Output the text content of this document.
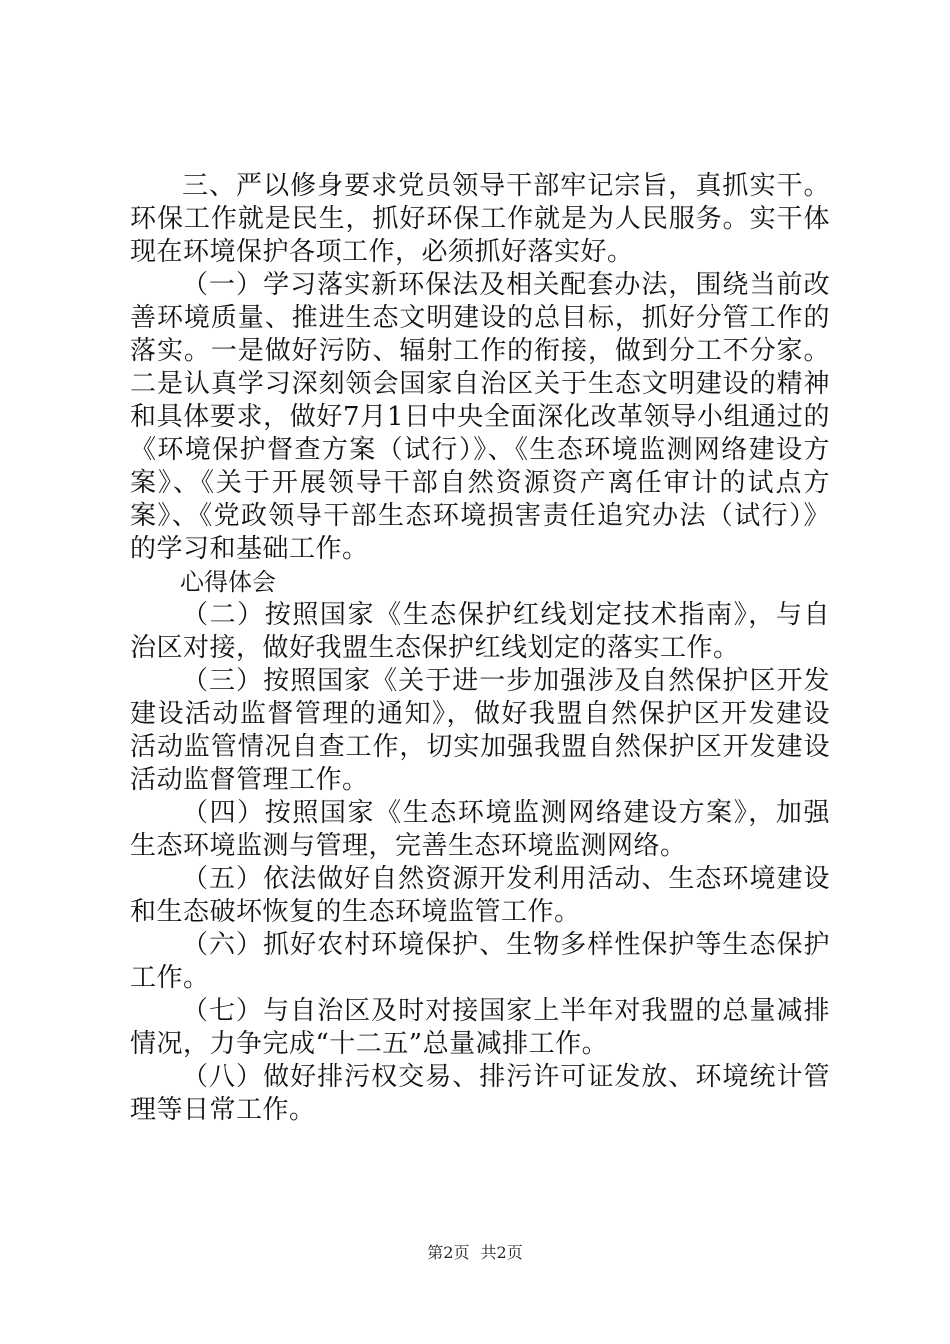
三、严以修身要求党员领导干部牢记宗旨，真抓实干。环保工作就是民生，抓好环保工作就是为人民服务。实干体现在环境保护各项工作，必须抓好落实好。

（一）学习落实新环保法及相关配套办法，围绕当前改善环境质量、推进生态文明建设的总目标，抓好分管工作的落实。一是做好污防、辐射工作的衔接，做到分工不分家。二是认真学习深刻领会国家自治区关于生态文明建设的精神和具体要求，做好7月1日中央全面深化改革领导小组通过的《环境保护督查方案（试行）》、《生态环境监测网络建设方案》、《关于开展领导干部自然资源资产离任审计的试点方案》、《党政领导干部生态环境损害责任追究办法（试行）》的学习和基础工作。

心得体会

（二）按照国家《生态保护红线划定技术指南》，与自治区对接，做好我盟生态保护红线划定的落实工作。

（三）按照国家《关于进一步加强涉及自然保护区开发建设活动监督管理的通知》，做好我盟自然保护区开发建设活动监管情况自查工作，切实加强我盟自然保护区开发建设活动监督管理工作。

（四）按照国家《生态环境监测网络建设方案》，加强生态环境监测与管理，完善生态环境监测网络。

（五）依法做好自然资源开发利用活动、生态环境建设和生态破坏恢复的生态环境监管工作。

（六）抓好农村环境保护、生物多样性保护等生态保护工作。

（七）与自治区及时对接国家上半年对我盟的总量减排情况，力争完成“十二五”总量减排工作。

（八）做好排污权交易、排污许可证发放、环境统计管理等日常工作。

第2页 共2页
